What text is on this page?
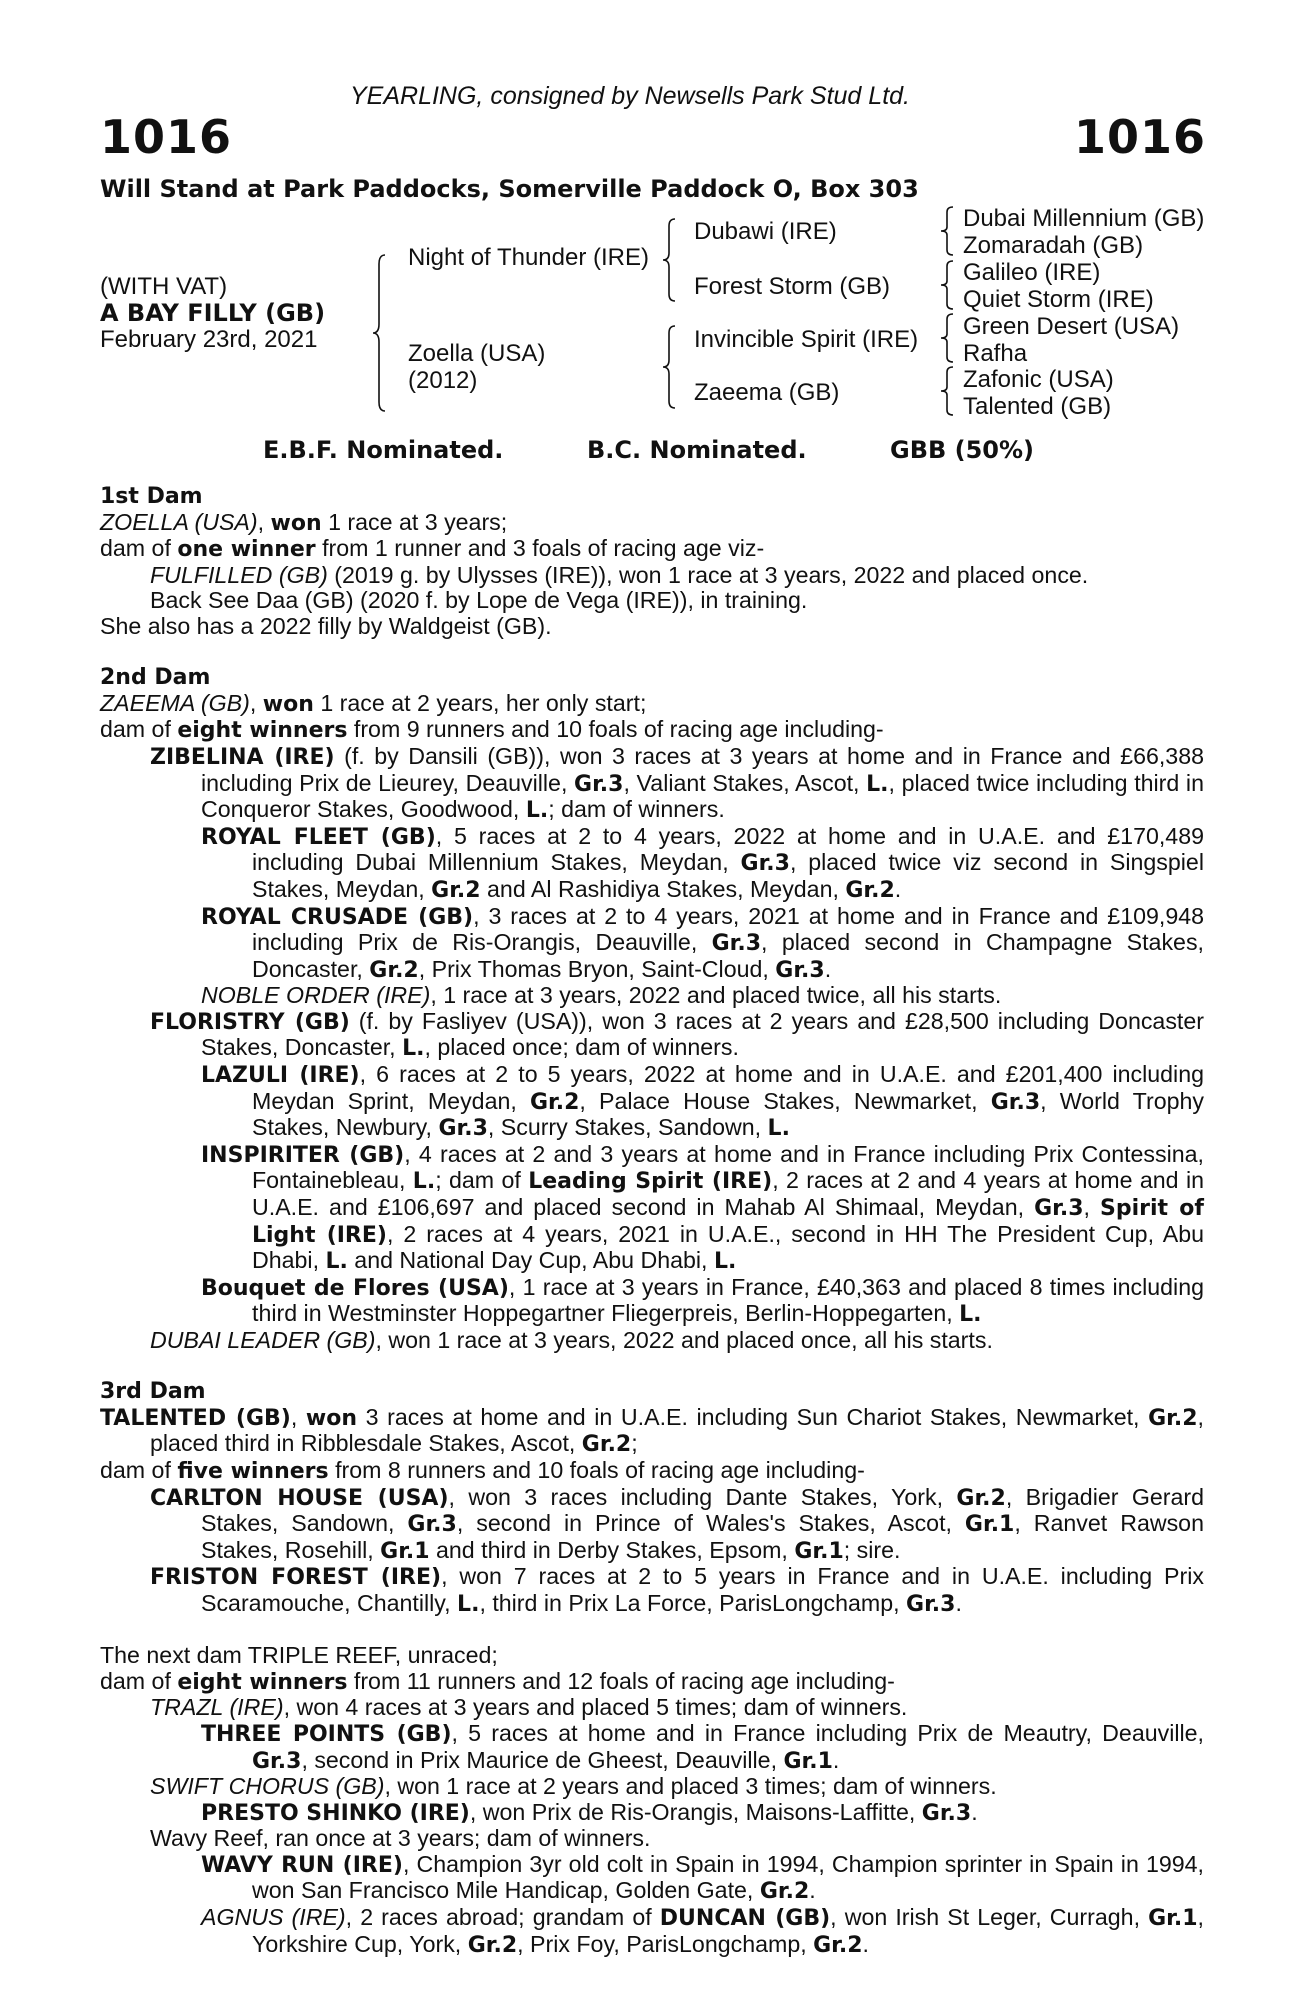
YEARLING, consigned by Newsells Park Stud Ltd.
1016	1016
Will Stand at Park Paddocks, Somerville Paddock O, Box 303
(WITH VAT)
A BAY FILLY (GB)
February 23rd, 2021
Night of Thunder (IRE)
Zoella (USA)
(2012)
Dubawi (IRE)
Forest Storm (GB)
Invincible Spirit (IRE)
Zaeema (GB)
Dubai Millennium (GB)
Zomaradah (GB)
Galileo (IRE)
Quiet Storm (IRE)
Green Desert (USA)
Rafha
Zafonic (USA)
Talented (GB)
E.B.F. Nominated.	B.C. Nominated.	GBB (50%)

1st Dam

ZOELLA (USA), won 1 race at 3 years;

dam of one winner from 1 runner and 3 foals of racing age viz-

FULFILLED (GB) (2019 g. by Ulysses (IRE)), won 1 race at 3 years, 2022 and placed once.

Back See Daa (GB) (2020 f. by Lope de Vega (IRE)), in training.

She also has a 2022 filly by Waldgeist (GB).

2nd Dam

ZAEEMA (GB), won 1 race at 2 years, her only start;

dam of eight winners from 9 runners and 10 foals of racing age including-

ZIBELINA (IRE) (f. by Dansili (GB)), won 3 races at 3 years at home and in France and £66,388 including Prix de Lieurey, Deauville, Gr.3, Valiant Stakes, Ascot, L., placed twice including third in Conqueror Stakes, Goodwood, L.; dam of winners.

ROYAL FLEET (GB), 5 races at 2 to 4 years, 2022 at home and in U.A.E. and £170,489 including Dubai Millennium Stakes, Meydan, Gr.3, placed twice viz second in Singspiel Stakes, Meydan, Gr.2 and Al Rashidiya Stakes, Meydan, Gr.2.

ROYAL CRUSADE (GB), 3 races at 2 to 4 years, 2021 at home and in France and £109,948 including Prix de Ris-Orangis, Deauville, Gr.3, placed second in Champagne Stakes, Doncaster, Gr.2, Prix Thomas Bryon, Saint-Cloud, Gr.3.

NOBLE ORDER (IRE), 1 race at 3 years, 2022 and placed twice, all his starts.

FLORISTRY (GB) (f. by Fasliyev (USA)), won 3 races at 2 years and £28,500 including Doncaster Stakes, Doncaster, L., placed once; dam of winners.

LAZULI (IRE), 6 races at 2 to 5 years, 2022 at home and in U.A.E. and £201,400 including Meydan Sprint, Meydan, Gr.2, Palace House Stakes, Newmarket, Gr.3, World Trophy Stakes, Newbury, Gr.3, Scurry Stakes, Sandown, L.

INSPIRITER (GB), 4 races at 2 and 3 years at home and in France including Prix Contessina, Fontainebleau, L.; dam of Leading Spirit (IRE), 2 races at 2 and 4 years at home and in U.A.E. and £106,697 and placed second in Mahab Al Shimaal, Meydan, Gr.3, Spirit of Light (IRE), 2 races at 4 years, 2021 in U.A.E., second in HH The President Cup, Abu Dhabi, L. and National Day Cup, Abu Dhabi, L.

Bouquet de Flores (USA), 1 race at 3 years in France, £40,363 and placed 8 times including third in Westminster Hoppegartner Fliegerpreis, Berlin-Hoppegarten, L.

DUBAI LEADER (GB), won 1 race at 3 years, 2022 and placed once, all his starts.

3rd Dam

TALENTED (GB), won 3 races at home and in U.A.E. including Sun Chariot Stakes, Newmarket, Gr.2, placed third in Ribblesdale Stakes, Ascot, Gr.2;

dam of five winners from 8 runners and 10 foals of racing age including-

CARLTON HOUSE (USA), won 3 races including Dante Stakes, York, Gr.2, Brigadier Gerard Stakes, Sandown, Gr.3, second in Prince of Wales's Stakes, Ascot, Gr.1, Ranvet Rawson Stakes, Rosehill, Gr.1 and third in Derby Stakes, Epsom, Gr.1; sire.

FRISTON FOREST (IRE), won 7 races at 2 to 5 years in France and in U.A.E. including Prix Scaramouche, Chantilly, L., third in Prix La Force, ParisLongchamp, Gr.3.

The next dam TRIPLE REEF, unraced;

dam of eight winners from 11 runners and 12 foals of racing age including-

TRAZL (IRE), won 4 races at 3 years and placed 5 times; dam of winners.

THREE POINTS (GB), 5 races at home and in France including Prix de Meautry, Deauville, Gr.3, second in Prix Maurice de Gheest, Deauville, Gr.1.

SWIFT CHORUS (GB), won 1 race at 2 years and placed 3 times; dam of winners.

PRESTO SHINKO (IRE), won Prix de Ris-Orangis, Maisons-Laffitte, Gr.3.

Wavy Reef, ran once at 3 years; dam of winners.

WAVY RUN (IRE), Champion 3yr old colt in Spain in 1994, Champion sprinter in Spain in 1994, won San Francisco Mile Handicap, Golden Gate, Gr.2.

AGNUS (IRE), 2 races abroad; grandam of DUNCAN (GB), won Irish St Leger, Curragh, Gr.1, Yorkshire Cup, York, Gr.2, Prix Foy, ParisLongchamp, Gr.2.
